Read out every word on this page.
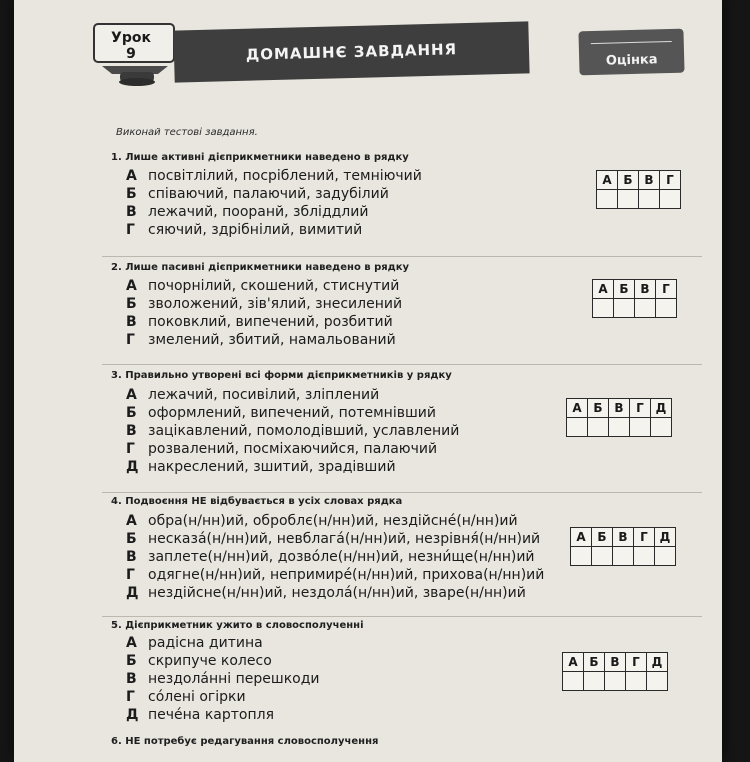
Урок
9	ДОМАШНЄ ЗАВДАННЯ	Оцінка
Виконай тестові завдання.
1. Лише активні дієприкметники наведено в рядку
А посвітлілий, посріблений, темніючий
Б співаючий, палаючий, задубілий
В лежачий, пооранй, збліддлий
Г сяючий, здрібнілий, вимитий
А	Б	В	Г

2. Лише пасивні дієприкметники наведено в рядку
А почорнілий, скошений, стиснутий
Б зволожений, зів'ялий, знесилений
В поковклий, випечений, розбитий
Г змелений, збитий, намальований
А	Б	В	Г

3. Правильно утворені всі форми дієприкметників у рядку
А лежачий, посивілий, зліплений
Б оформлений, випечений, потемнівший
В зацікавлений, помолодівший, уславлений
Г розвалений, посміхаючийся, палаючий
Д накреслений, зшитий, зрадівший
А	Б	В	Г	Д

4. Подвоєння НЕ відбувається в усіх словах рядка
А обра(н/нн)ий, оброблє(н/нн)ий, нездійсне́(н/нн)ий
Б несказа́(н/нн)ий, невблага́(н/нн)ий, незрівня́(н/нн)ий
В заплете(н/нн)ий, дозво́ле(н/нн)ий, незни́ще(н/нн)ий
Г одягне(н/нн)ий, непримире́(н/нн)ий, прихова(н/нн)ий
Д нездійсне(н/нн)ий, нездола́(н/нн)ий, зваре(н/нн)ий
А	Б	В	Г	Д

5. Дієприкметник ужито в словосполученні
А радісна дитина
Б скрипуче колесо
В нездола́нні перешкоди
Г со́лені огірки
Д пече́на картопля
А	Б	В	Г	Д

6. НЕ потребує редагування словосполучення
